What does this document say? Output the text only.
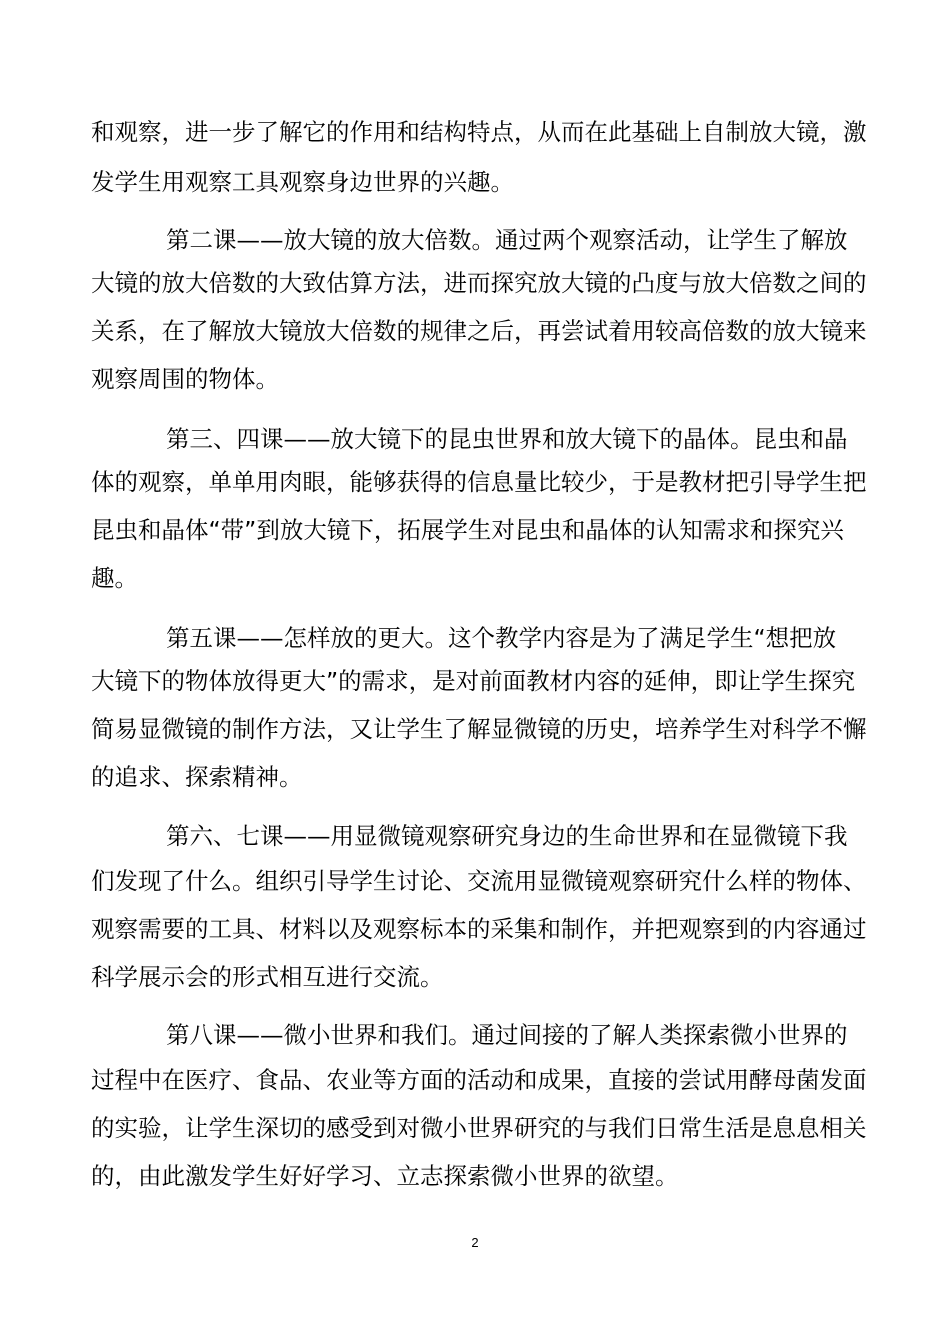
和观察，进一步了解它的作用和结构特点，从而在此基础上自制放大镜，激
发学生用观察工具观察身边世界的兴趣。
第二课——放大镜的放大倍数。通过两个观察活动，让学生了解放
大镜的放大倍数的大致估算方法，进而探究放大镜的凸度与放大倍数之间的
关系，在了解放大镜放大倍数的规律之后，再尝试着用较高倍数的放大镜来
观察周围的物体。
第三、四课——放大镜下的昆虫世界和放大镜下的晶体。昆虫和晶
体的观察，单单用肉眼，能够获得的信息量比较少，于是教材把引导学生把
昆虫和晶体“带”到放大镜下，拓展学生对昆虫和晶体的认知需求和探究兴
趣。
第五课——怎样放的更大。这个教学内容是为了满足学生“想把放
大镜下的物体放得更大”的需求，是对前面教材内容的延伸，即让学生探究
简易显微镜的制作方法，又让学生了解显微镜的历史，培养学生对科学不懈
的追求、探索精神。
第六、七课——用显微镜观察研究身边的生命世界和在显微镜下我
们发现了什么。组织引导学生讨论、交流用显微镜观察研究什么样的物体、
观察需要的工具、材料以及观察标本的采集和制作，并把观察到的内容通过
科学展示会的形式相互进行交流。
第八课——微小世界和我们。通过间接的了解人类探索微小世界的
过程中在医疗、食品、农业等方面的活动和成果，直接的尝试用酵母菌发面
的实验，让学生深切的感受到对微小世界研究的与我们日常生活是息息相关
的，由此激发学生好好学习、立志探索微小世界的欲望。
2
